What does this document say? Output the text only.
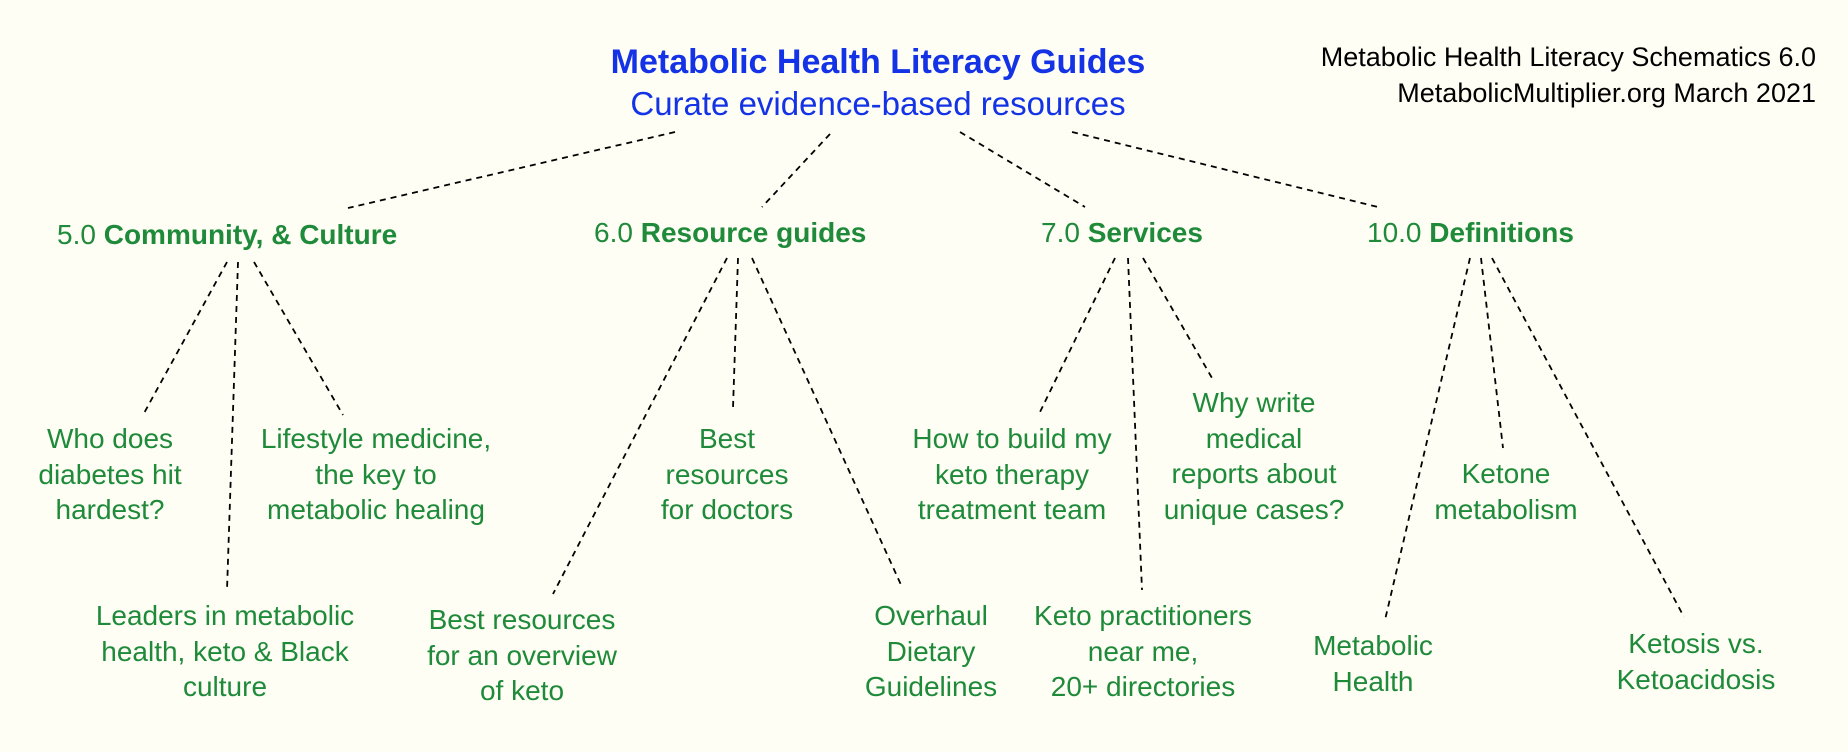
Metabolic Health Literacy Guides
Curate evidence-based resources
Metabolic Health Literacy Schematics 6.0
MetabolicMultiplier.org March 2021
5.0 Community, & Culture	6.0 Resource guides	7.0 Services	10.0 Definitions
Who does
diabetes hit
hardest?
Leaders in metabolic
health, keto & Black
culture
Lifestyle medicine,
the key to
metabolic healing
Best resources
for an overview
of keto
Best
resources
for doctors
Overhaul
Dietary
Guidelines
How to build my
keto therapy
treatment team
Keto practitioners
near me,
20+ directories
Why write
medical
reports about
unique cases?
Metabolic
Health
Ketone
metabolism
Ketosis vs.
Ketoacidosis
